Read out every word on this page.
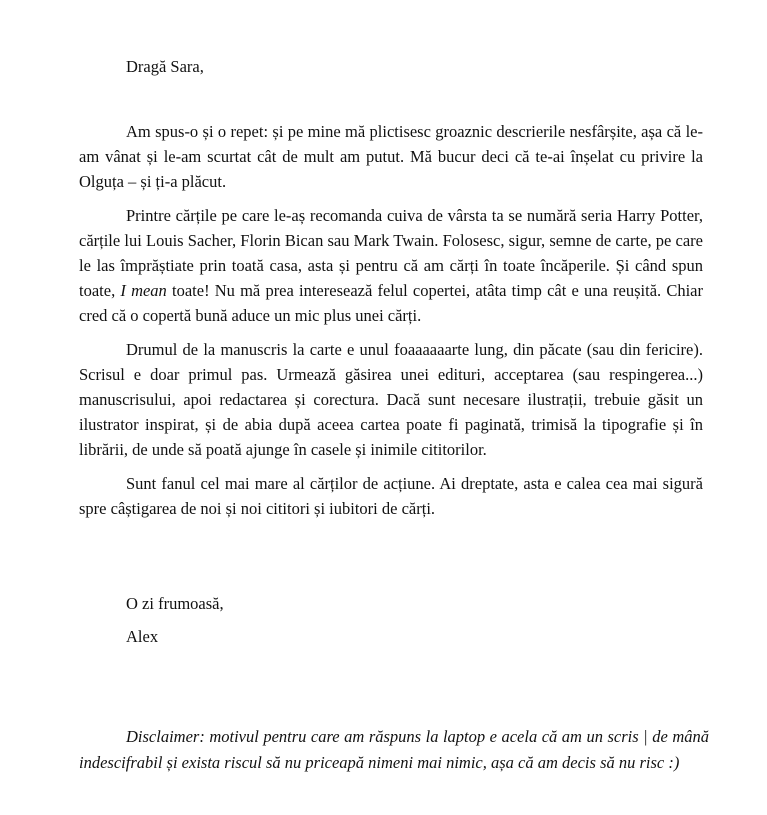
Dragă Sara,

Am spus-o și o repet: și pe mine mă plictisesc groaznic descrierile nesfârșite, așa că le-am vânat și le-am scurtat cât de mult am putut. Mă bucur deci că te-ai înșelat cu privire la Olguța – și ți-a plăcut.

Printre cărțile pe care le-aș recomanda cuiva de vârsta ta se numără seria Harry Potter, cărțile lui Louis Sacher, Florin Bican sau Mark Twain. Folosesc, sigur, semne de carte, pe care le las împrăștiate prin toată casa, asta și pentru că am cărți în toate încăperile. Și când spun toate, I mean toate! Nu mă prea interesează felul copertei, atâta timp cât e una reușită. Chiar cred că o copertă bună aduce un mic plus unei cărți.

Drumul de la manuscris la carte e unul foaaaaaarte lung, din păcate (sau din fericire). Scrisul e doar primul pas. Urmează găsirea unei edituri, acceptarea (sau respingerea...) manuscrisului, apoi redactarea și corectura. Dacă sunt necesare ilustrații, trebuie găsit un ilustrator inspirat, și de abia după aceea cartea poate fi paginată, trimisă la tipografie și în librării, de unde să poată ajunge în casele și inimile cititorilor.

Sunt fanul cel mai mare al cărților de acțiune. Ai dreptate, asta e calea cea mai sigură spre câștigarea de noi și noi cititori și iubitori de cărți.

O zi frumoasă,

Alex

Disclaimer: motivul pentru care am răspuns la laptop e acela că am un scris | de mână indescifrabil și exista riscul să nu priceapă nimeni mai nimic, așa că am decis să nu risc :)
